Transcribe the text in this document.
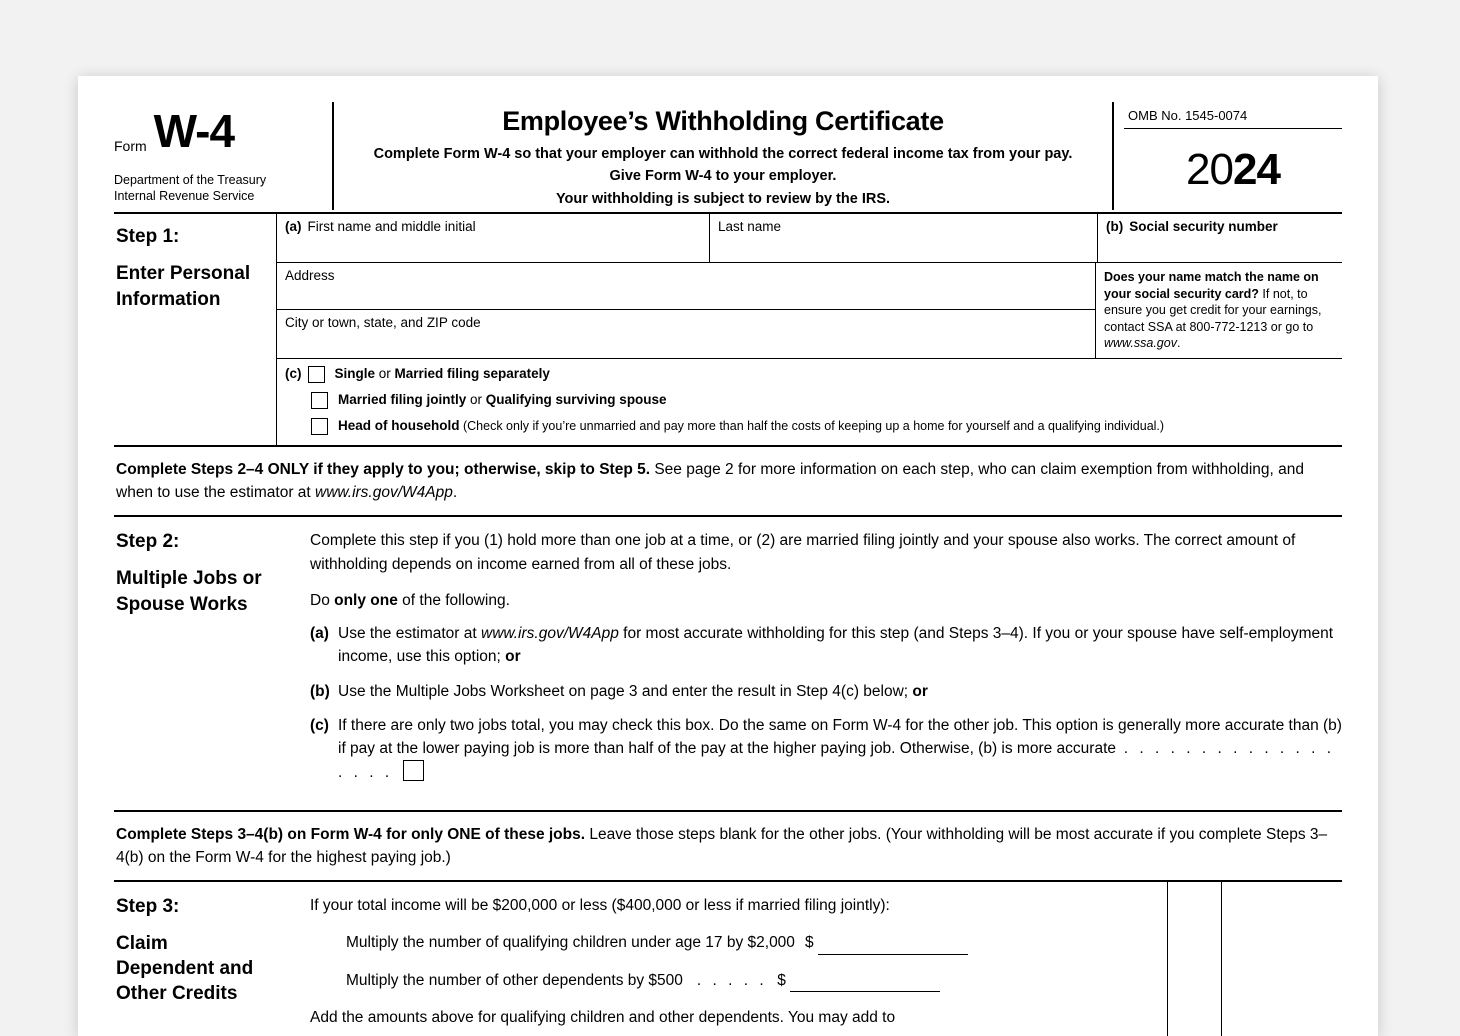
Form W-4
Department of the Treasury
Internal Revenue Service
Employee’s Withholding Certificate
Complete Form W-4 so that your employer can withhold the correct federal income tax from your pay.
Give Form W-4 to your employer.
Your withholding is subject to review by the IRS.
OMB No. 1545-0074
20 24
Step 1:
Enter Personal Information
(a) First name and middle initial	Last name	(b) Social security number
Address
City or town, state, and ZIP code
Does your name match the name on your social security card? If not, to ensure you get credit for your earnings, contact SSA at 800-772-1213 or go to www.ssa.gov.
(c) Single or Married filing separately
Married filing jointly or Qualifying surviving spouse
Head of household (Check only if you’re unmarried and pay more than half the costs of keeping up a home for yourself and a qualifying individual.)
Complete Steps 2–4 ONLY if they apply to you; otherwise, skip to Step 5. See page 2 for more information on each step, who can claim exemption from withholding, and when to use the estimator at www.irs.gov/W4App.
Step 2:
Multiple Jobs or Spouse Works

Complete this step if you (1) hold more than one job at a time, or (2) are married filing jointly and your spouse also works. The correct amount of withholding depends on income earned from all of these jobs.

Do only one of the following.

(a) Use the estimator at www.irs.gov/W4App for most accurate withholding for this step (and Steps 3–4). If you or your spouse have self-employment income, use this option; or
(b) Use the Multiple Jobs Worksheet on page 3 and enter the result in Step 4(c) below; or
(c) If there are only two jobs total, you may check this box. Do the same on Form W-4 for the other job. This option is generally more accurate than (b) if pay at the lower paying job is more than half of the pay at the higher paying job. Otherwise, (b) is more accurate . . . . . . . . . . . . . . . . . .
Complete Steps 3–4(b) on Form W-4 for only ONE of these jobs. Leave those steps blank for the other jobs. (Your withholding will be most accurate if you complete Steps 3–4(b) on the Form W-4 for the highest paying job.)
Step 3:
Claim Dependent and Other Credits

If your total income will be $200,000 or less ($400,000 or less if married filing jointly):

Multiply the number of qualifying children under age 17 by $2,000 $
Multiply the number of other dependents by $500 . . . . . $

Add the amounts above for qualifying children and other dependents. You may add to
